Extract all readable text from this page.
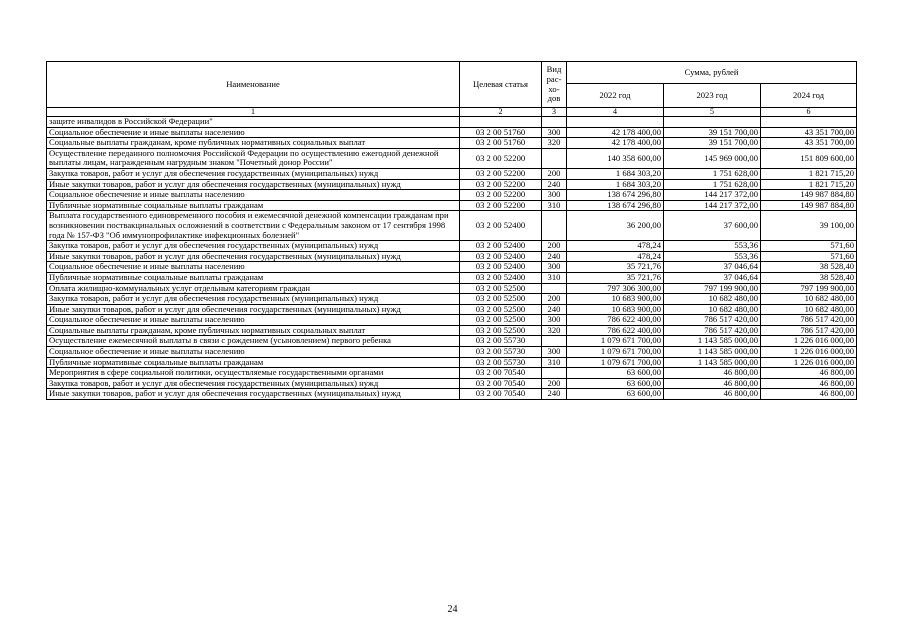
Наименование	Целевая статья	Вид рас-хо-дов	Сумма, рублей		
			2022 год	2023 год	2024 год
1	2	3	4	5	6
защите инвалидов в Российской Федерации"					
Социальное обеспечение и иные выплаты населению	03 2 00 51760	300	42 178 400,00	39 151 700,00	43 351 700,00
Социальные выплаты гражданам, кроме публичных нормативных социальных выплат	03 2 00 51760	320	42 178 400,00	39 151 700,00	43 351 700,00
Осуществление переданного полномочия Российской Федерации по осуществлению ежегодной денежной выплаты лицам, награжденным нагрудным знаком "Почетный донор России"	03 2 00 52200		140 358 600,00	145 969 000,00	151 809 600,00
Закупка товаров, работ и услуг для обеспечения государственных (муниципальных) нужд	03 2 00 52200	200	1 684 303,20	1 751 628,00	1 821 715,20
Иные закупки товаров, работ и услуг для обеспечения государственных (муниципальных) нужд	03 2 00 52200	240	1 684 303,20	1 751 628,00	1 821 715,20
Социальное обеспечение и иные выплаты населению	03 2 00 52200	300	138 674 296,80	144 217 372,00	149 987 884,80
Публичные нормативные социальные выплаты гражданам	03 2 00 52200	310	138 674 296,80	144 217 372,00	149 987 884,80
Выплата государственного единовременного пособия и ежемесячной денежной компенсации гражданам при возникновении поствакцинальных осложнений в соответствии с Федеральным законом от 17 сентября 1998 года № 157-ФЗ "Об иммунопрофилактике инфекционных болезней"	03 2 00 52400		36 200,00	37 600,00	39 100,00
Закупка товаров, работ и услуг для обеспечения государственных (муниципальных) нужд	03 2 00 52400	200	478,24	553,36	571,60
Иные закупки товаров, работ и услуг для обеспечения государственных (муниципальных) нужд	03 2 00 52400	240	478,24	553,36	571,60
Социальное обеспечение и иные выплаты населению	03 2 00 52400	300	35 721,76	37 046,64	38 528,40
Публичные нормативные социальные выплаты гражданам	03 2 00 52400	310	35 721,76	37 046,64	38 528,40
Оплата жилищно-коммунальных услуг отдельным категориям граждан	03 2 00 52500		797 306 300,00	797 199 900,00	797 199 900,00
Закупка товаров, работ и услуг для обеспечения государственных (муниципальных) нужд	03 2 00 52500	200	10 683 900,00	10 682 480,00	10 682 480,00
Иные закупки товаров, работ и услуг для обеспечения государственных (муниципальных) нужд	03 2 00 52500	240	10 683 900,00	10 682 480,00	10 682 480,00
Социальное обеспечение и иные выплаты населению	03 2 00 52500	300	786 622 400,00	786 517 420,00	786 517 420,00
Социальные выплаты гражданам, кроме публичных нормативных социальных выплат	03 2 00 52500	320	786 622 400,00	786 517 420,00	786 517 420,00
Осуществление ежемесячной выплаты в связи с рождением (усыновлением) первого ребенка	03 2 00 55730		1 079 671 700,00	1 143 585 000,00	1 226 016 000,00
Социальное обеспечение и иные выплаты населению	03 2 00 55730	300	1 079 671 700,00	1 143 585 000,00	1 226 016 000,00
Публичные нормативные социальные выплаты гражданам	03 2 00 55730	310	1 079 671 700,00	1 143 585 000,00	1 226 016 000,00
Мероприятия в сфере социальной политики, осуществляемые государственными органами	03 2 00 70540		63 600,00	46 800,00	46 800,00
Закупка товаров, работ и услуг для обеспечения государственных (муниципальных) нужд	03 2 00 70540	200	63 600,00	46 800,00	46 800,00
Иные закупки товаров, работ и услуг для обеспечения государственных (муниципальных) нужд	03 2 00 70540	240	63 600,00	46 800,00	46 800,00
24
